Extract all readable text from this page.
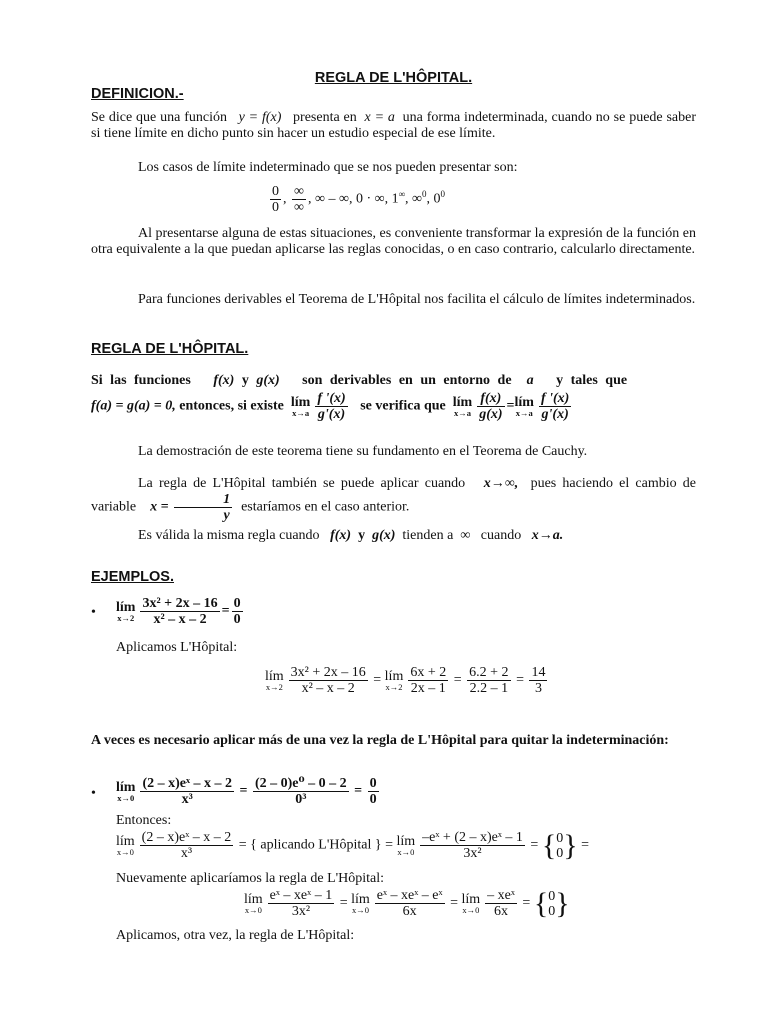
REGLA DE L'HÔPITAL.
DEFINICION.-
Se dice que una función y = f(x) presenta en x = a una forma indeterminada, cuando no se puede saber si tiene límite en dicho punto sin hacer un estudio especial de ese límite.
Los casos de límite indeterminado que se nos pueden presentar son:
$\frac{0}{0}$ , $\frac{\infty}{\infty}$ , ∞ – ∞, 0 · ∞, 1∞, ∞$^0$, $0^0$
Al presentarse alguna de estas situaciones, es conveniente transformar la expresión de la función en otra equivalente a la que puedan aplicarse las reglas conocidas, o en caso contrario, calcularlo directamente.
Para funciones derivables el Teorema de L'Hôpital nos facilita el cálculo de límites indeterminados.
REGLA DE L'HÔPITAL.
Si las funciones f(x) y g(x) son derivables en un entorno de a y tales que
f(a) = g(a) = 0, entonces, si existe lím
$x\to a \frac{f '(x)}{g'(x)}$ se verifica que lím
$x\to a \frac{f(x)}{g(x)}$ =lím
$x\to a \frac{f '(x)}{g'(x)}$
La demostración de este teorema tiene su fundamento en el Teorema de Cauchy.
La regla de L'Hôpital también se puede aplicar cuando x→∞, pues haciendo el cambio de variable $x = \frac{1}{y}$ estaríamos en el caso anterior.
Es válida la misma regla cuando f(x) y g(x) tienden a ∞ cuando x→a.
EJEMPLOS.
• lím
$x\to 2 \frac{\text{3x² + 2x – 16}}{\text{x² – x – 2}} = \frac{0}{0}$
Aplicamos L'Hôpital:
lím
$x\to 2 \frac{\text{3x² + 2x – 16}}{\text{x² – x – 2}}$ = lím
$x\to 2 \frac{6x + 2}{2x - 1} = \frac{6.2 + 2}{2.2 - 1} = \frac{14}{3}$
A veces es necesario aplicar más de una vez la regla de L'Hôpital para quitar la indeterminación:
• lím
$x\to 0 \frac{\text{(2 – x)eˣ – x – 2}}{\text{x³}} = \frac{\text{(2 – 0)e⁰ – 0 – 2}}{\text{0³}} = \frac{0}{0}$
Entonces:
lím
$x\to 0 \frac{\text{(2 – x)eˣ – x – 2}}{\text{x³}}$ = { aplicando L'Hôpital } = lím
$x\to 0 \frac{\text{–eˣ + (2 – x)eˣ – 1}}{\text{3x²}}$ = { 0
0 } =
Nuevamente aplicaríamos la regla de L'Hôpital:
lím
$x\to 0 \frac{\text{eˣ – xeˣ – 1}}{\text{3x²}}$ = lím
$x\to 0 \frac{\text{eˣ – xeˣ – eˣ}}{6x}$ = lím
$x\to 0 \frac{\text{– xeˣ}}{6x}$ = { 0
0 }
Aplicamos, otra vez, la regla de L'Hôpital:
